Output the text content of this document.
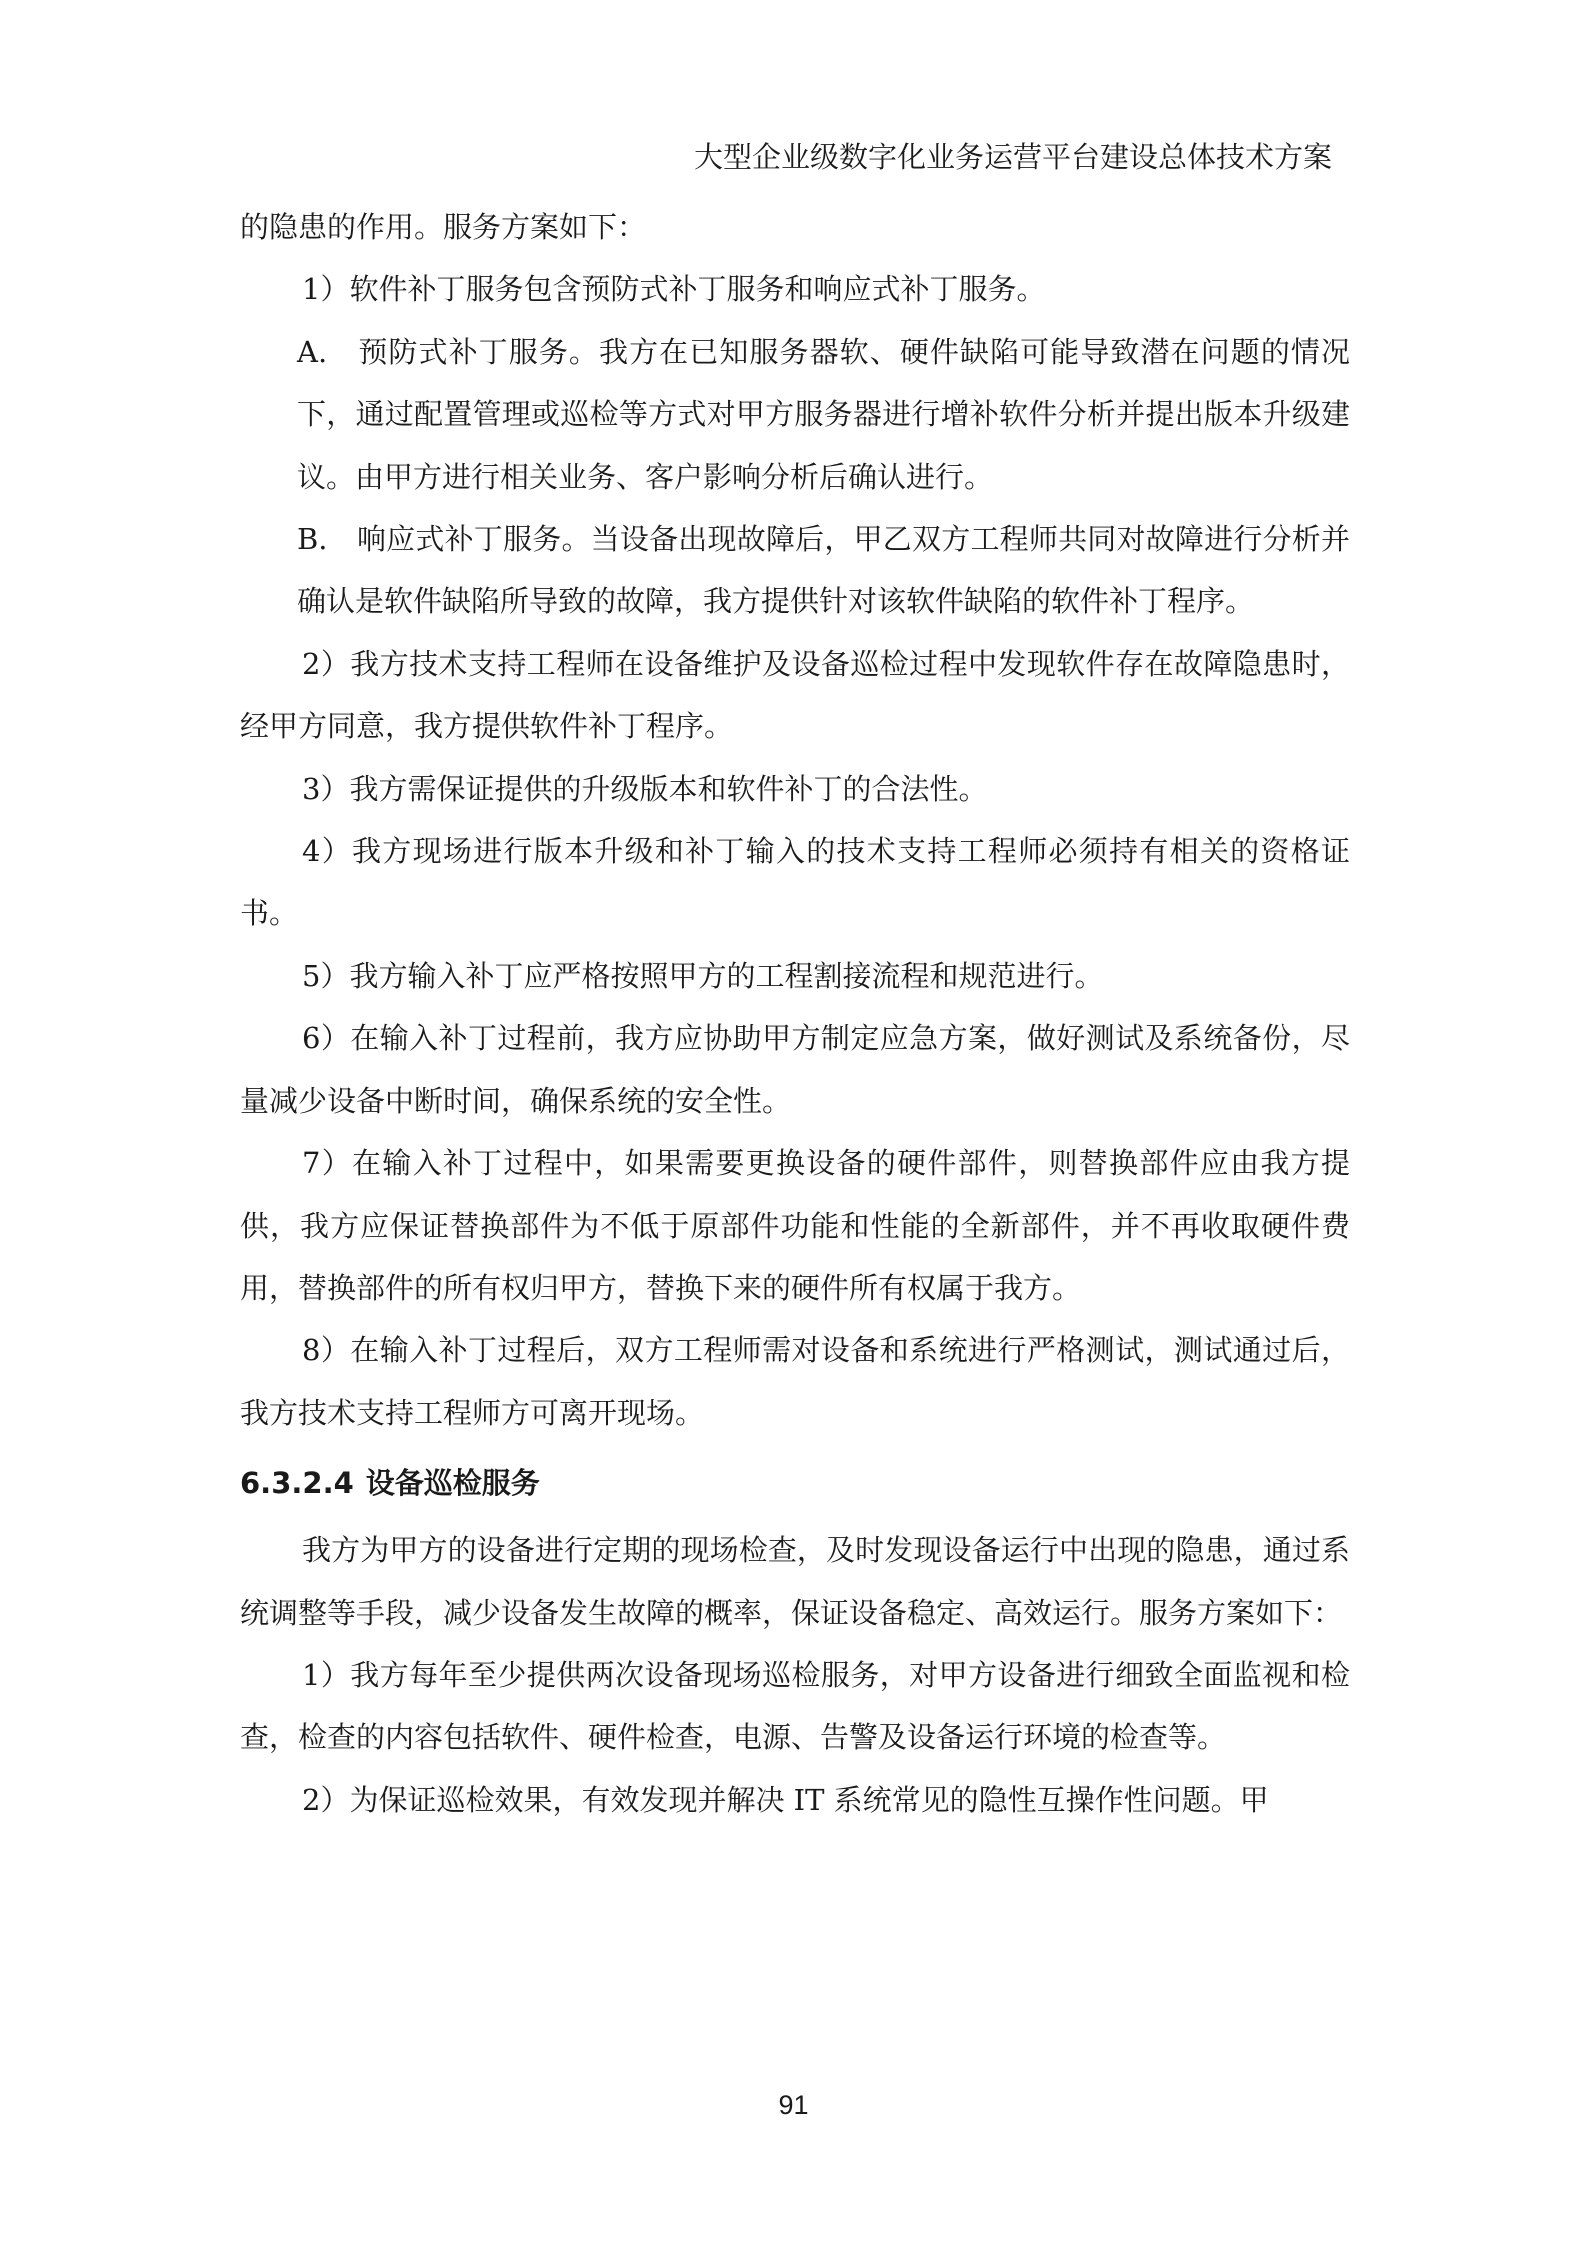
大型企业级数字化业务运营平台建设总体技术方案

的隐患的作用。服务方案如下：

1）软件补丁服务包含预防式补丁服务和响应式补丁服务。

A.　预防式补丁服务。我方在已知服务器软、硬件缺陷可能导致潜在问题的情况下，通过配置管理或巡检等方式对甲方服务器进行增补软件分析并提出版本升级建议。由甲方进行相关业务、客户影响分析后确认进行。

B.　响应式补丁服务。当设备出现故障后，甲乙双方工程师共同对故障进行分析并确认是软件缺陷所导致的故障，我方提供针对该软件缺陷的软件补丁程序。

2）我方技术支持工程师在设备维护及设备巡检过程中发现软件存在故障隐患时，经甲方同意，我方提供软件补丁程序。

3）我方需保证提供的升级版本和软件补丁的合法性。

4）我方现场进行版本升级和补丁输入的技术支持工程师必须持有相关的资格证书。

5）我方输入补丁应严格按照甲方的工程割接流程和规范进行。

6）在输入补丁过程前，我方应协助甲方制定应急方案，做好测试及系统备份，尽量减少设备中断时间，确保系统的安全性。

7）在输入补丁过程中，如果需要更换设备的硬件部件，则替换部件应由我方提供，我方应保证替换部件为不低于原部件功能和性能的全新部件，并不再收取硬件费用，替换部件的所有权归甲方，替换下来的硬件所有权属于我方。

8）在输入补丁过程后，双方工程师需对设备和系统进行严格测试，测试通过后，我方技术支持工程师方可离开现场。

6.3.2.4 设备巡检服务

我方为甲方的设备进行定期的现场检查，及时发现设备运行中出现的隐患，通过系统调整等手段，减少设备发生故障的概率，保证设备稳定、高效运行。服务方案如下：

1）我方每年至少提供两次设备现场巡检服务，对甲方设备进行细致全面监视和检查，检查的内容包括软件、硬件检查，电源、告警及设备运行环境的检查等。

2）为保证巡检效果，有效发现并解决 IT 系统常见的隐性互操作性问题。甲

91
